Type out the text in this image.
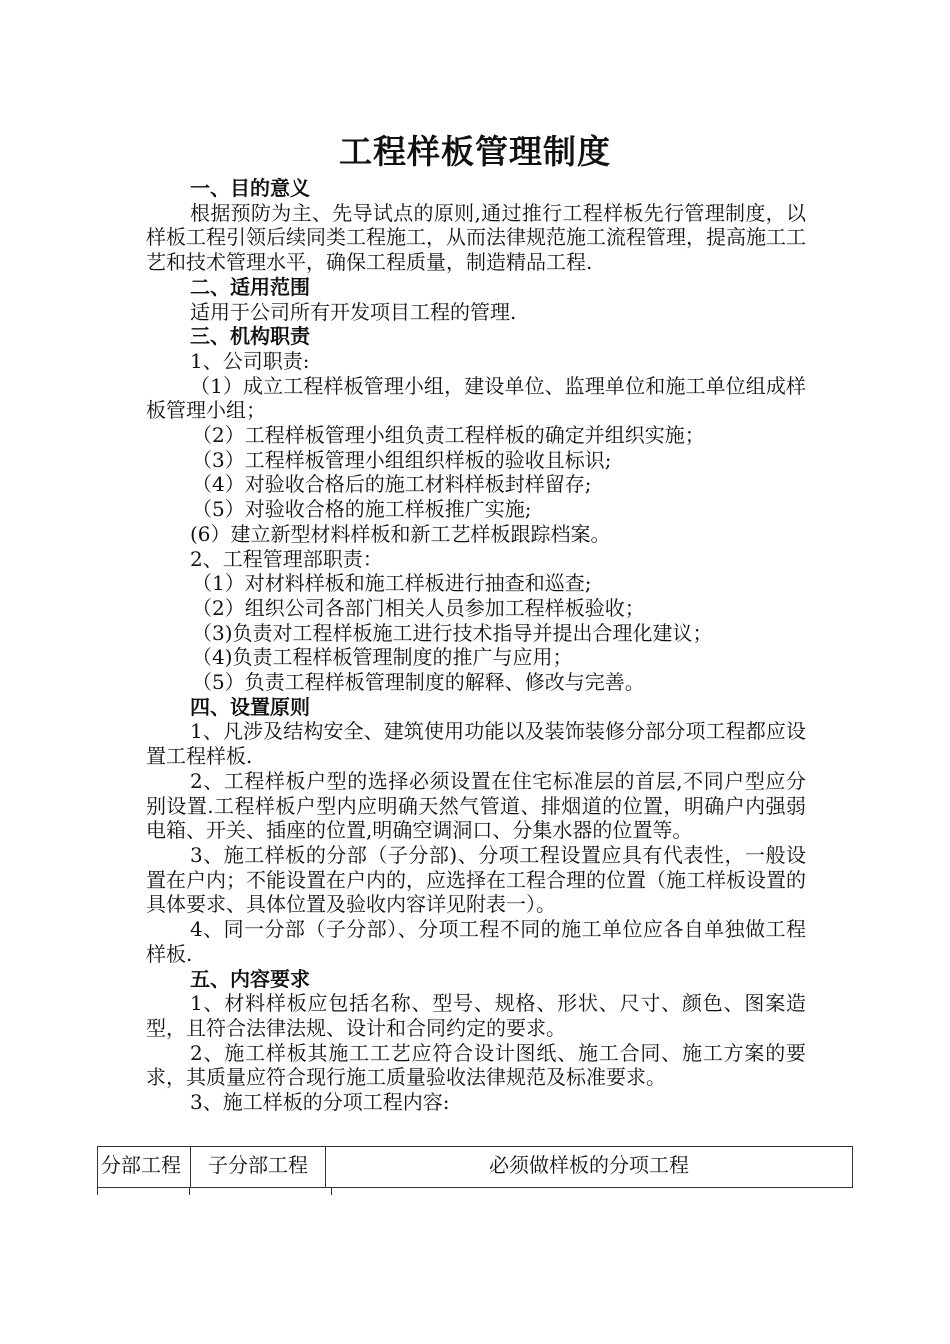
工程样板管理制度

一、目的意义

根据预防为主、先导试点的原则,通过推行工程样板先行管理制度，以样板工程引领后续同类工程施工，从而法律规范施工流程管理，提高施工工艺和技术管理水平，确保工程质量，制造精品工程.

二、适用范围

适用于公司所有开发项目工程的管理.

三、机构职责

1、公司职责:

（1）成立工程样板管理小组，建设单位、监理单位和施工单位组成样板管理小组；

（2）工程样板管理小组负责工程样板的确定并组织实施；

（3）工程样板管理小组组织样板的验收且标识;

（4）对验收合格后的施工材料样板封样留存;

（5）对验收合格的施工样板推广实施;

(6）建立新型材料样板和新工艺样板跟踪档案。

2、工程管理部职责：

（1）对材料样板和施工样板进行抽查和巡查;

（2）组织公司各部门相关人员参加工程样板验收；

（3)负责对工程样板施工进行技术指导并提出合理化建议；

（4)负责工程样板管理制度的推广与应用；

（5）负责工程样板管理制度的解释、修改与完善。

四、设置原则

1、凡涉及结构安全、建筑使用功能以及装饰装修分部分项工程都应设置工程样板.

2、工程样板户型的选择必须设置在住宅标准层的首层,不同户型应分别设置.工程样板户型内应明确天然气管道、排烟道的位置，明确户内强弱电箱、开关、插座的位置,明确空调洞口、分集水器的位置等。

3、施工样板的分部（子分部)、分项工程设置应具有代表性，一般设置在户内；不能设置在户内的，应选择在工程合理的位置（施工样板设置的具体要求、具体位置及验收内容详见附表一）。

4、同一分部（子分部）、分项工程不同的施工单位应各自单独做工程样板.

五、内容要求

1、材料样板应包括名称、型号、规格、形状、尺寸、颜色、图案造型，且符合法律法规、设计和合同约定的要求。

2、施工样板其施工工艺应符合设计图纸、施工合同、施工方案的要求，其质量应符合现行施工质量验收法律规范及标准要求。

3、施工样板的分项工程内容:

分部工程	子分部工程	必须做样板的分项工程
